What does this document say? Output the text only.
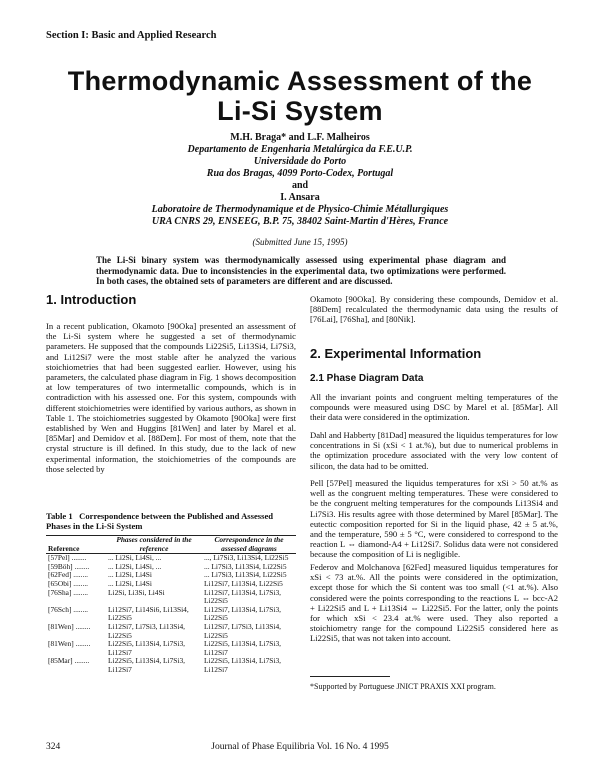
Section I: Basic and Applied Research
Thermodynamic Assessment of the
Li-Si System
M.H. Braga* and L.F. Malheiros
Departamento de Engenharia Metalúrgica da F.E.U.P.
Universidade do Porto
Rua dos Bragas, 4099 Porto-Codex, Portugal
and
I. Ansara
Laboratoire de Thermodynamique et de Physico-Chimie Métallurgiques
URA CNRS 29, ENSEEG, B.P. 75, 38402 Saint-Martin d'Hères, France
(Submitted June 15, 1995)
The Li-Si binary system was thermodynamically assessed using experimental phase diagram and thermodynamic data. Due to inconsistencies in the experimental data, two optimizations were performed. In both cases, the obtained sets of parameters are different and are discussed.
1. Introduction
In a recent publication, Okamoto [90Oka] presented an assessment of the Li-Si system where he suggested a set of thermodynamic parameters. He supposed that the compounds Li22Si5, Li13Si4, Li7Si3, and Li12Si7 were the most stable after he analyzed the various stoichiometries that had been suggested earlier. However, using his parameters, the calculated phase diagram in Fig. 1 shows decomposition at low temperatures of two intermetallic compounds, which is in contradiction with his assessed one. For this system, compounds with different stoichiometries were identified by various authors, as shown in Table 1. The stoichiometries suggested by Okamoto [90Oka] were first established by Wen and Huggins [81Wen] and later by Marel et al. [85Mar] and Demidov et al. [88Dem]. For most of them, note that the crystal structure is ill defined. In this study, due to the lack of new experimental information, the stoichiometries of the compounds are those selected by
Table 1 Correspondence between the Published and Assessed Phases in the Li-Si System
Reference	Phases considered in the reference	Correspondence in the assessed diagrams

[57Pel] ........	... Li2Si, Li4Si, ...	..., Li7Si3, Li13Si4, Li22Si5
[59Böh] ........	... Li2Si, Li4Si, ...	... Li7Si3, Li13Si4, Li22Si5
[62Fed] ........	... Li2Si, Li4Si	... Li7Si3, Li13Si4, Li22Si5
[65Obi] ........	... Li2Si, Li4Si	Li12Si7, Li13Si4, Li22Si5
[76Sha] ........	Li2Si, Li3Si, Li4Si	Li12Si7, Li13Si4, Li7Si3, Li22Si5
[76Sch] ........	Li12Si7, Li14Si6, Li13Si4, Li22Si5	Li12Si7, Li13Si4, Li7Si3, Li22Si5
[81Wen] ........	Li12Si7, Li7Si3, Li13Si4, Li22Si5	Li12Si7, Li7Si3, Li13Si4, Li22Si5
[81Wen] ........	Li22Si5, Li13Si4, Li7Si3, Li12Si7	Li22Si5, Li13Si4, Li7Si3, Li12Si7
[85Mar] ........	Li22Si5, Li13Si4, Li7Si3, Li12Si7	Li22Si5, Li13Si4, Li7Si3, Li12Si7
Okamoto [90Oka]. By considering these compounds, Demidov et al. [88Dem] recalculated the thermodynamic data using the results of [76Lai], [76Sha], and [80Nik].
2. Experimental Information
2.1 Phase Diagram Data
All the invariant points and congruent melting temperatures of the compounds were measured using DSC by Marel et al. [85Mar]. All their data were considered in the optimization.
Dahl and Habberty [81Dad] measured the liquidus temperatures for low concentrations in Si (xSi < 1 at.%), but due to numerical problems in the optimization procedure associated with the very low content of silicon, the data had to be omitted.
Pell [57Pel] measured the liquidus temperatures for xSi > 50 at.% as well as the congruent melting temperatures. These were considered to be the congruent melting temperatures for the compounds Li13Si4 and Li7Si3. His results agree with those determined by Marel [85Mar]. The eutectic composition reported for Si in the liquid phase, 42 ± 5 at.%, and the temperature, 590 ± 5 °C, were considered to correspond to the reaction L ⇔ diamond-A4 + Li12Si7. Solidus data were not considered because the composition of Li is negligible.
Federov and Molchanova [62Fed] measured liquidus temperatures for xSi < 73 at.%. All the points were considered in the optimization, except those for which the Si content was too small (<1 at.%). Also considered were the points corresponding to the reactions L ⇔ bcc-A2 + Li22Si5 and L + Li13Si4 ⇔ Li22Si5. For the latter, only the points for which xSi < 23.4 at.% were used. They also reported a stoichiometry range for the compound Li22Si5 considered here as Li22Si5, that was not taken into account.
*Supported by Portuguese JNICT PRAXIS XXI program.
324	Journal of Phase Equilibria Vol. 16 No. 4 1995
